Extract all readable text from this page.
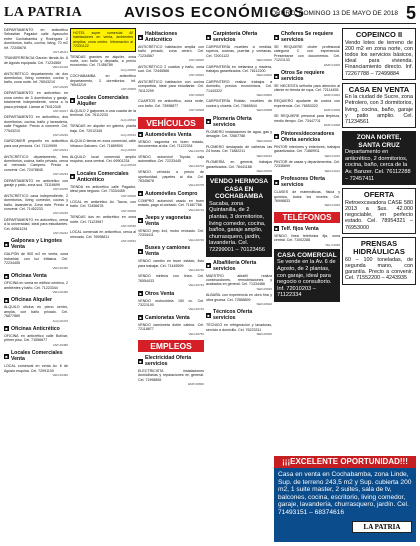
LA PATRIA	AVISOS ECONÓMICOS
ORURO, DOMINGO 13 DE MAYO DE 2018 5
DEPARTAMENTO en anticrético Sebastián Pagador calle Ayacucho entre Cochabamba y Rodríguez 2 dormitorios, baño, cocina, living, 70 m2 Inf. 72345678
ANT-00211
TRANSFERENCIA Garzón tienda Av. 6 de Agosto equipada. Cel. 71234560
VEN-00418
ANTICRÉTICO departamento de dos dormitorios, living comedor, cocina y baño, zona norte. Inf. 76543210
ANT-00225
DEPARTAMENTO en anticrético en zona centro de 3 dormitorios y garaje, totalmente independiente, cerca a la plaza principal. Llamar al 76412345
ANT-00227
DEPARTAMENTO en anticrético, dos dormitorios, cocina, baño y lavandería, calle Pagador. Precio a convenir. Cel. 77543210
ANT-00230
GARZONIER pequeño en anticrético para una persona. Cel. 71119999
ANT-00231
ANTICRÉTICO departamento, tres dormitorios, cocina, baño privado, cerca al mercado Campero. Precio a convenir. Cel. 72478845
ANT-00233
DEPARTAMENTO en anticrético con garaje y patio, zona sud. 73116699
ANT-00235
ANTICRÉTICO casa independiente, 2 dormitorios, living comedor, cocina y baño, lavandería. Zona este. Precio a convenir. Cel. 71452233
ANT-00240
DEPARTAMENTO en anticrético, cerca a la universidad, ideal para estudiantes. Cel. 69561234
ANT-00242
■ Galpones y Lingotes Venta
GALPÓN de 500 m2 en venta, zona industrial, con luz trifásica. Cel. 72234455
VEN-00450
■ Oficinas Venta
OFICINA en venta en edificio céntrico, 2 ambientes y baño. Cel. 71223344
VEN-00460
■ Oficinas Alquiler
ALQUILO oficina en pleno centro, amplia, con baño privado. Cel. 76677889
ALQ-00470
■ Oficinas Anticrético
OFICINA en anticrético calle Bolívar, primer piso. Cel. 71556677
ANT-00480
■ Locales Comerciales Venta
LOCAL comercial en venta Av. 6 de Agosto esquina. Cel. 72991100
VEN-00490
HOTEL super comercial 40 habitaciones en venta, ambientes amplios, zona centro. Información al 72331122
TIENDAS grandes en alquiler, zona norte, con baño y depósito, a precio económico. Cel. 71456789
ALQ-00500
COCHABAMBA en anticrético departamento, 3 dormitorios. Inf. 76543219
ANT-00505
■ Locales Comerciales Alquiler
ALQUILO 2 galpones a una cuadra de la terminal. Cel. 76112233
ALQ-00510
TIENDAS en alquiler en galería, planta baja. Cel. 72012345
ALQ-00512
ALQUILO tienda en zona comercial, calle Velasco Galvarro. Cel. 71889900
ALQ-00515
ALQUILO local comercial amplio esquina, zona central. Cel. 69901234
ALQ-00518
■ Locales Comerciales Anticrético
TIENDA en anticrético calle Pagador, ideal para negocio. Cel. 73334455
ANT-00520
LOCAL en anticrético Av. Tacna, con baño. Cel. 72456678
ANT-00525
TIENDAS dos en anticrético en zona norte. Cel. 71123987
ANT-00530
LOCAL comercial en anticrético, cerca al mercado. Cel. 76998811
ANT-00532
■ Habitaciones Anticrético
ANTICRÉTICO habitación amplia con baño privado, zona centro. Cel. 71234567
ANT-00600
ANTICRÉTICO 2 cuartos y baño, zona sud. Cel. 72445566
ANT-00602
ANTICRÉTICO habitación con cocina compartida, ideal para estudiante. Cel. 76112299
ANT-00605
CUARTOS en anticrético, zona norte, con baño. Cel. 73998877
ANT-00608
VEHÍCULOS
■ Automóviles Venta
VENDO vagoneta en buen estado, documentos al día. Cel. 71122334
VEH-00700
VENDO automóvil Toyota, caja automática. Cel. 72233445
VEH-00702
VENDO vehículo a precio de oportunidad, papeles al día. Cel. 76345678
VEH-00705
■ Automóviles Compro
COMPRO automóvil usado en buen estado, pago al contado. Cel. 71667788
VEH-00710
■ Jeeps y vagonetas Venta
VENDO jeep 4x4, motor revisado. Cel. 72334411
VEH-00720
■ Buses y camiones Venta
VENDO camión en buen estado, listo para trabajar. Cel. 71445599
VEH-00730
VENDO minibús con línea. Cel. 76554433
VEH-00732
■ Otros Venta
VENDO motocicleta 150 cc. Cel. 73221100
VEH-00740
■ Camionetas Venta
VENDO camioneta doble cabina. Cel. 72118877
VEH-00750
EMPLEOS
■ Electricidad Oferta servicios
ELECTRICISTA instalaciones domiciliarias y reparaciones en general. Cel. 71998855
EMP-00800
■ Carpintería Oferta servicios
CARPINTERÍA muebles a medida, roperos, cocinas, puertas y ventanas. Cel. 72001122
SER-00900
CARPINTERÍA en melamina y madera, trabajos garantizados. Cel. 76112200
SER-00902
CARPINTERO realiza trabajos a domicilio, precios económicos. Cel. 71443322
SER-00905
CARPINTERÍA Roldán, muebles de cocina y closets. Cel. 73665544
SER-00908
■ Plomería Oferta servicios
PLOMERO instalaciones de agua, gas y desagüe. Cel. 72667788
SER-00910
PLOMERO destapado de cañerías las 24 horas. Cel. 71882211
SER-00912
PLOMERÍA en general, trabajos garantizados. Cel. 76441188
SER-00915
VENDO HERMOSA CASA EN COCHABAMBA
Sacaba, zona Quintanilla, de 2 plantas, 3 dormitorios, living comedor, cocina, baños, garaje amplio, churrasquero, jardín, lavandería. Cel. 72299001 – 70123456
■ Albañilería Oferta servicios
MAESTRO albañil realiza construcciones, remodelaciones y acabados en general. Cel. 71334466
SER-00920
ALBAÑIL con experiencia en obra fina y obra gruesa. Cel. 72558899
SER-00922
■ Técnicos Oferta servicios
TÉCNICO en refrigeración y lavadoras, servicio a domicilio. Cel. 76223311
SER-00930
■ Choferes Se requiere servicios
SE REQUIERE chofer profesional categoría C con experiencia. Presentarse con documentos. Cel. 71221133
EMP-01000
■ Otros Se requiere servicios
SE NECESITA señorita para atención al cliente en tienda de ropa. Cel. 72114455
EMP-01002
REQUIERO ayudante de cocina con experiencia. Cel. 76553322
EMP-01005
SE REQUIERE personal para limpieza, medio tiempo. Cel. 73447711
EMP-01008
■ Pintores/decoradores Oferta servicios
PINTOR interiores y exteriores, trabajos garantizados. Cel. 71889911
SER-01010
PINTOR de casas y departamentos. Cel. 72336699
SER-01012
■ Profesores Oferta servicios
CLASES de matemáticas, física y química, todos los niveles. Cel. 76998833
SER-01020
TELÉFONOS
■ Telf. fijos Venta
VENDO línea telefónica fija, zona central. Cel. 71002288
TEL-01030
CASA COMERCIAL
Se vende en la Av. 6 de Agosto, de 2 plantas, con garaje, ideal para negocio o consultorio. Inf. 72010203 – 71122334
COPEINCO II
Vendo lotes de terreno de 200 m2 en zona norte, con todos los servicios básicos, ideal para vivienda. Financiamiento directo. Inf. 72267788 – 72499884
CASA EN VENTA
En la ciudad de Sucre, zona Petrolero, con 3 dormitorios, living, cocina, baño, garaje y patio amplio. Cel. 71234561
ZONA NORTE, SANTA CRUZ
Departamento en anticrético, 2 dormitorios, cocina, baño, cerca de la Av. Banzer. Cel. 76112288 – 72457411
OFERTA
Retroexcavadora CASE 580 2013 a $us. 42.000 negociable, en perfecto estado. Cel. 78954321 – 76953000
PRENSAS HIDRÁULICAS
60 – 100 toneladas, de segunda mano, con garantía. Precio a convenir. Cel. 71552200 – 4243935
¡¡¡EXCELENTE OPORTUNIDAD!!!
Casa en venta en Cochabamba, zona Linde, Sup. de terreno 243,5 m2 y Sup. cubierta 200 m2, 1 suite master, 2 suites, sala de tv, balcones, cocina, escritorio, living comedor, garaje, lavandería, churrasquero, jardín. Cel. 71493151 – 68374616
LA PATRIA
